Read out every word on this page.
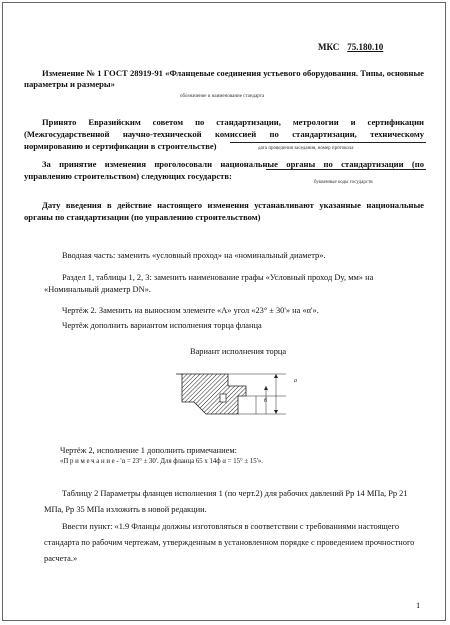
МКС 75.180.10
Изменение № 1 ГОСТ 28919-91 «Фланцевые соединения устьевого оборудования. Типы, основные параметры и размеры»
обозначение и наименование стандарта
Принято Евразийским советом по стандартизации, метрологии и сертификации (Межгосударственной научно-технической комиссией по стандартизации, техническому нормированию и сертификации в строительстве)	дата проведения заседания, номер протокола
За принятие изменения проголосовали национальные органы по стандартизации (по управлению строительством) следующих государств:
буквенные коды государств
Дату введения в действие настоящего изменения устанавливают указанные национальные органы по стандартизации (по управлению строительством)
Вводная часть: заменить «условный проход» на «номинальный диаметр».
Раздел 1, таблицы 1, 2, 3: заменить наименование графы «Условный проход Dy, мм» на «Номинальный диаметр DN».
Чертёж 2. Заменить на выносном элементе «А» угол «23° ± 30'» на «α'».
Чертёж дополнить вариантом исполнения торца фланца
Вариант исполнения торца
а
б
Чертёж 2, исполнение 1 дополнить примечанием:
«П р и м е ч а н и е - 'α = 23° ± 30'. Для фланца 65 х 14ф α = 15° ± 15'».
Таблицу 2 Параметры фланцев исполнения 1 (по черт.2) для рабочих давлений Рр 14 МПа, Рр 21 МПа, Рр 35 МПа изложить в новой редакции.
Ввести пункт: «1.9 Фланцы должны изготовляться в соответствии с требованиями настоящего стандарта по рабочим чертежам, утвержденным в установленном порядке с проведением прочностного расчета.»
1
